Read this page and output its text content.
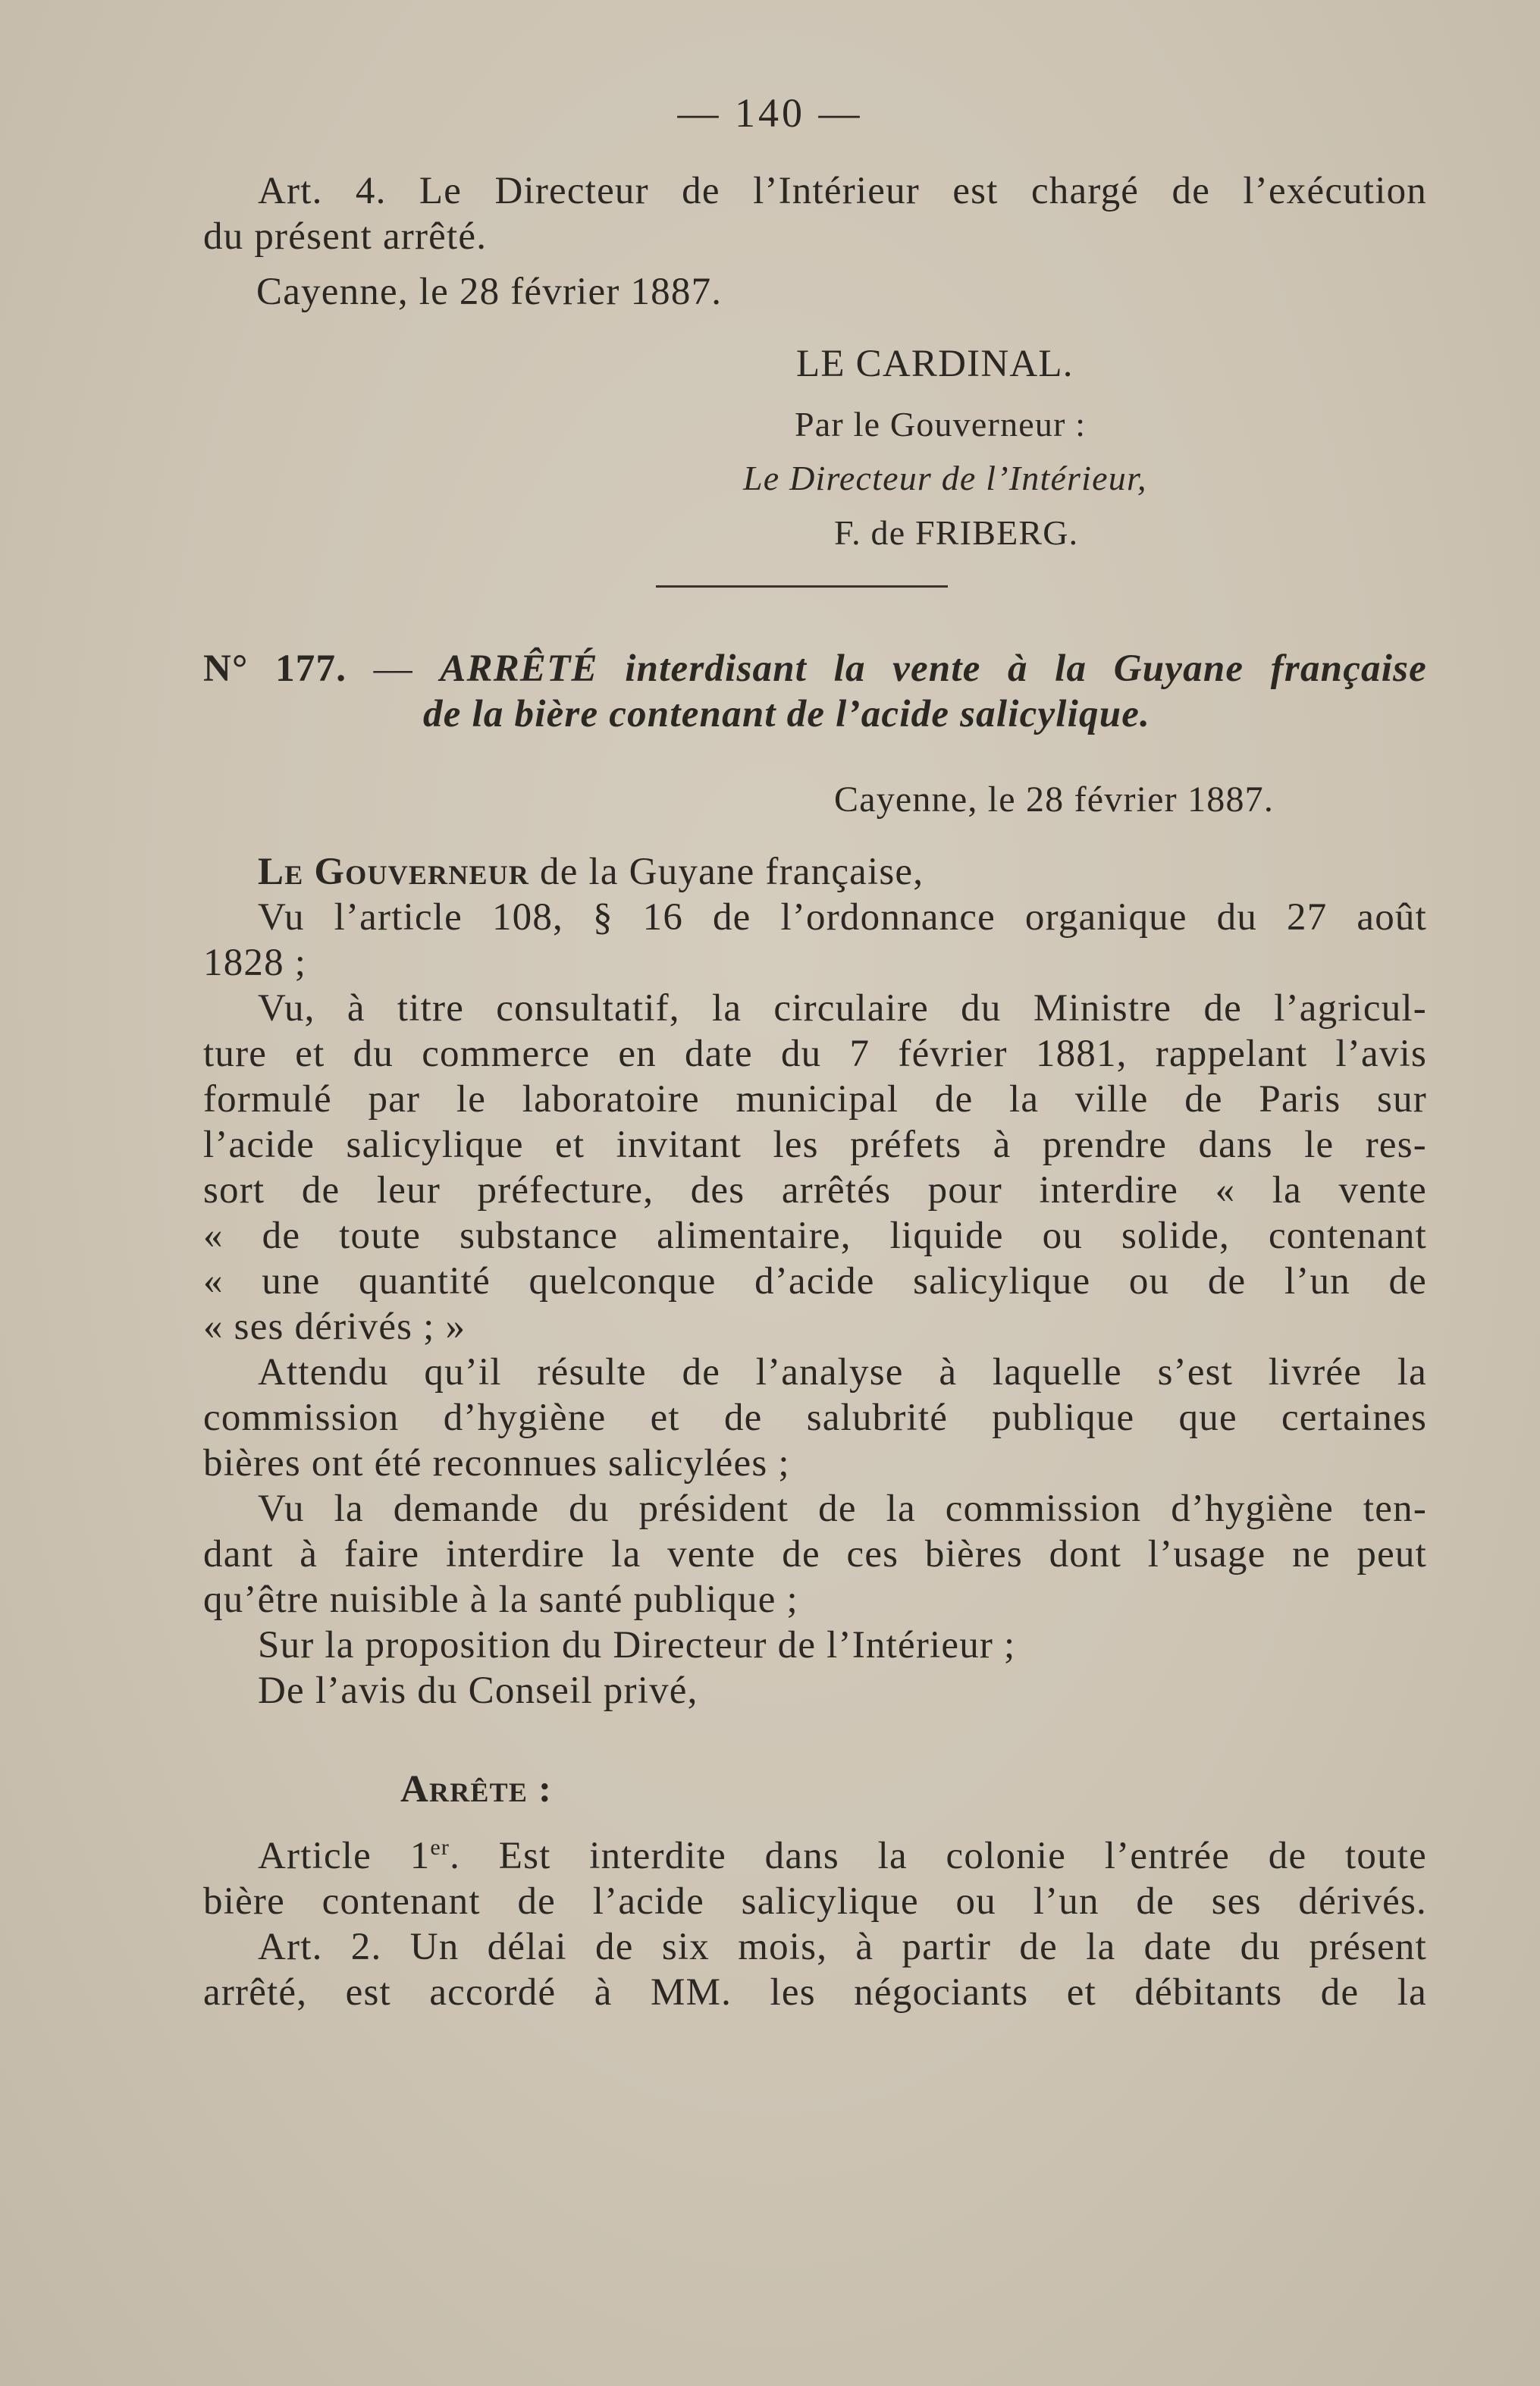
— 140 —
Art. 4. Le Directeur de l’Intérieur est chargé de l’exécution
du présent arrêté.
Cayenne, le 28 février 1887.
LE CARDINAL.
Par le Gouverneur :
Le Directeur de l’Intérieur,
F. de FRIBERG.
N° 177. — ARRÊTÉ interdisant la vente à la Guyane française
de la bière contenant de l’acide salicylique.
Cayenne, le 28 février 1887.
Le Gouverneur de la Guyane française,
Vu l’article 108, § 16 de l’ordonnance organique du 27 août
1828 ;
Vu, à titre consultatif, la circulaire du Ministre de l’agricul-
ture et du commerce en date du 7 février 1881, rappelant l’avis
formulé par le laboratoire municipal de la ville de Paris sur
l’acide salicylique et invitant les préfets à prendre dans le res-
sort de leur préfecture, des arrêtés pour interdire « la vente
« de toute substance alimentaire, liquide ou solide, contenant
« une quantité quelconque d’acide salicylique ou de l’un de
« ses dérivés ; »
Attendu qu’il résulte de l’analyse à laquelle s’est livrée la
commission d’hygiène et de salubrité publique que certaines
bières ont été reconnues salicylées ;
Vu la demande du président de la commission d’hygiène ten-
dant à faire interdire la vente de ces bières dont l’usage ne peut
qu’être nuisible à la santé publique ;
Sur la proposition du Directeur de l’Intérieur ;
De l’avis du Conseil privé,
Arrête :
Article 1er. Est interdite dans la colonie l’entrée de toute
bière contenant de l’acide salicylique ou l’un de ses dérivés.
Art. 2. Un délai de six mois, à partir de la date du présent
arrêté, est accordé à MM. les négociants et débitants de la
